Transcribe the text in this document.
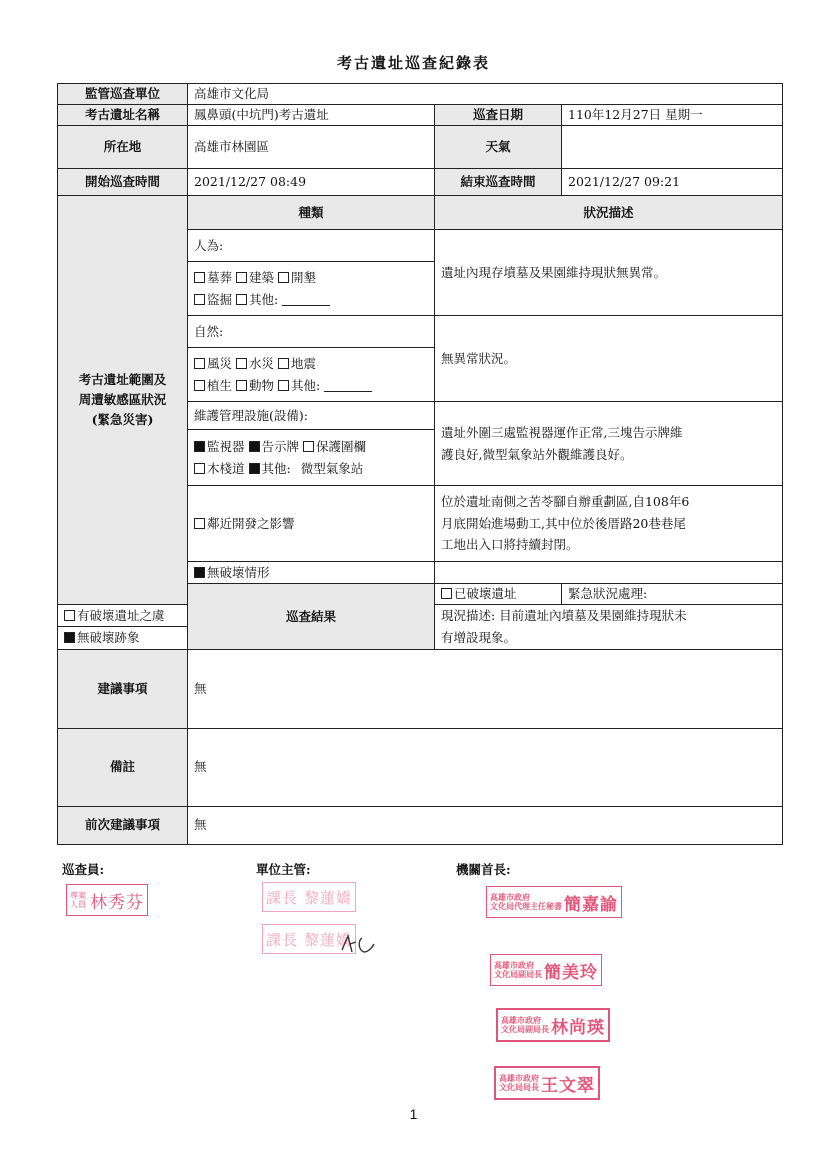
考古遺址巡查紀錄表
監管巡查單位	高雄市文化局		
考古遺址名稱	鳳鼻頭(中坑門)考古遺址	巡查日期	110年12月27日 星期一
所在地	高雄市林園區	天氣	
開始巡查時間	2021/12/27 08:49	結束巡查時間	2021/12/27 09:21
考古遺址範圍及
周遭敏感區狀況
(緊急災害)	種類	狀況描述	
	人為:	遺址內現存墳墓及果園維持現狀無異常。	
	墓葬 建築 開墾
盜掘 其他:		
	自然:	無異常狀況。	
	風災 水災 地震
植生 動物 其他:		
	維護管理設施(設備):	遺址外圍三處監視器運作正常,三塊告示牌維
護良好,微型氣象站外觀維護良好。	
	監視器 告示牌 保護圍欄
木棧道 其他: 微型氣象站		
	鄰近開發之影響	位於遺址南側之苦苓腳自辦重劃區,自108年6
月底開始進場動工,其中位於後厝路20巷巷尾
工地出入口將持續封閉。	
	無破壞情形		
	巡查結果	已破壞遺址	緊急狀況處理:
有破壞遺址之虞		現況描述: 目前遺址內墳墓及果園維持現狀未
有增設現象。	
無破壞跡象			
建議事項	無		
備註	無		
前次建議事項	無		
巡查員:	單位主管:	機關首長:
專案
人員 林秀芬	課長 黎蓮嬌
課長 黎蓮嬌
高雄市政府
文化局代理主任秘書 簡嘉諭
高雄市政府
文化局副局長 簡美玲
高雄市政府
文化局副局長 林尚瑛
高雄市政府
文化局局長 王文翠
1
